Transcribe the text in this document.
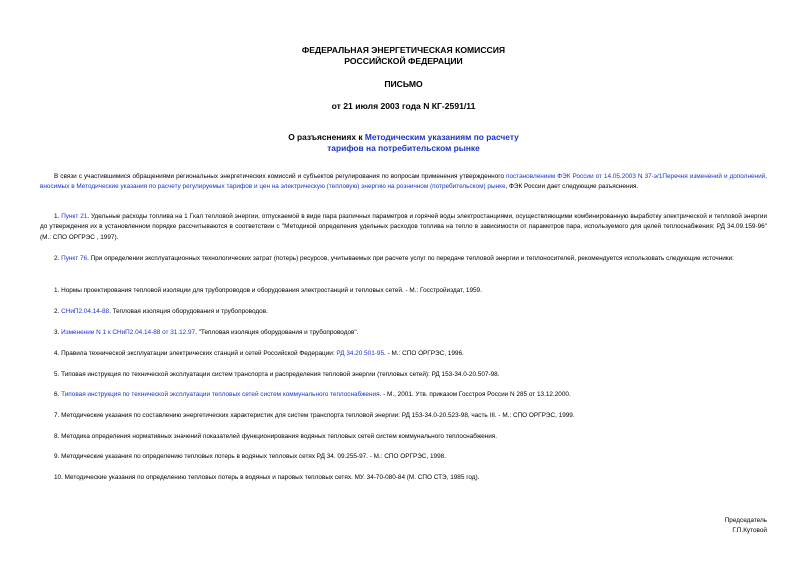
ФЕДЕРАЛЬНАЯ ЭНЕРГЕТИЧЕСКАЯ КОМИССИЯ
РОССИЙСКОЙ ФЕДЕРАЦИИ
ПИСЬМО
от 21 июля 2003 года N КГ-2591/11
О разъяснениях к Методическим указаниям по расчету
тарифов на потребительском рынке
В связи с участившимися обращениями региональных энергетических комиссий и субъектов регулирования по вопросам применения утвержденного постановлением ФЭК России от 14.05.2003 N 37-э/1Перечня изменений и дополнений, вносимых в Методические указания по расчету регулируемых тарифов и цен на электрическую (тепловую) энергию на розничном (потребительском) рынке, ФЭК России дает следующие разъяснения.
1. Пункт 21. Удельные расходы топлива на 1 Гкал тепловой энергии, отпускаемой в виде пара различных параметров и горячей воды электростанциями, осуществляющими комбинированную выработку электрической и тепловой энергии до утверждения их в установленном порядке рассчитываются в соответствии с "Методикой определения удельных расходов топлива на тепло в зависимости от параметров пара, используемого для целей теплоснабжения: РД 34.09.159-96" (М.: СПО ОРГРЭС , 1997).
2. Пункт 76. При определении эксплуатационных технологических затрат (потерь) ресурсов, учитываемых при расчете услуг по передаче тепловой энергии и теплоносителей, рекомендуется использовать следующие источники:
1. Нормы проектирования тепловой изоляции для трубопроводов и оборудования электростанций и тепловых сетей. - М.: Госстройиздат, 1959.
2. СНиП2.04.14-88. Тепловая изоляция оборудования и трубопроводов.
3. Изменение N 1 к СНиП2.04.14-88 от 31.12.97. "Тепловая изоляция оборудования и трубопроводов".
4. Правила технической эксплуатации электрических станций и сетей Российской Федерации: РД 34.20.501-95. - М.: СПО ОРГРЭС, 1996.
5. Типовая инструкция по технической эксплуатации систем транспорта и распределения тепловой энергии (тепловых сетей): РД 153-34.0-20.507-98.
6. Типовая инструкция по технической эксплуатации тепловых сетей систем коммунального теплоснабжения. - М., 2001. Утв. приказом Госстроя России N 285 от 13.12.2000.
7. Методические указания по составлению энергетических характеристик для систем транспорта тепловой энергии: РД 153-34.0-20.523-98, часть III. - М.: СПО ОРГРЭС, 1999.
8. Методика определения нормативных значений показателей функционирования водяных тепловых сетей систем коммунального теплоснабжения.
9. Методические указания по определению тепловых потерь в водяных тепловых сетях РД 34. 09.255-97. - М.: СПО ОРГРЭС, 1998.
10. Методические указания по определению тепловых потерь в водяных и паровых тепловых сетях. МУ. 34-70-080-84 (М. СПО СТЭ, 1985 год).
Председатель
Г.П.Кутовой
